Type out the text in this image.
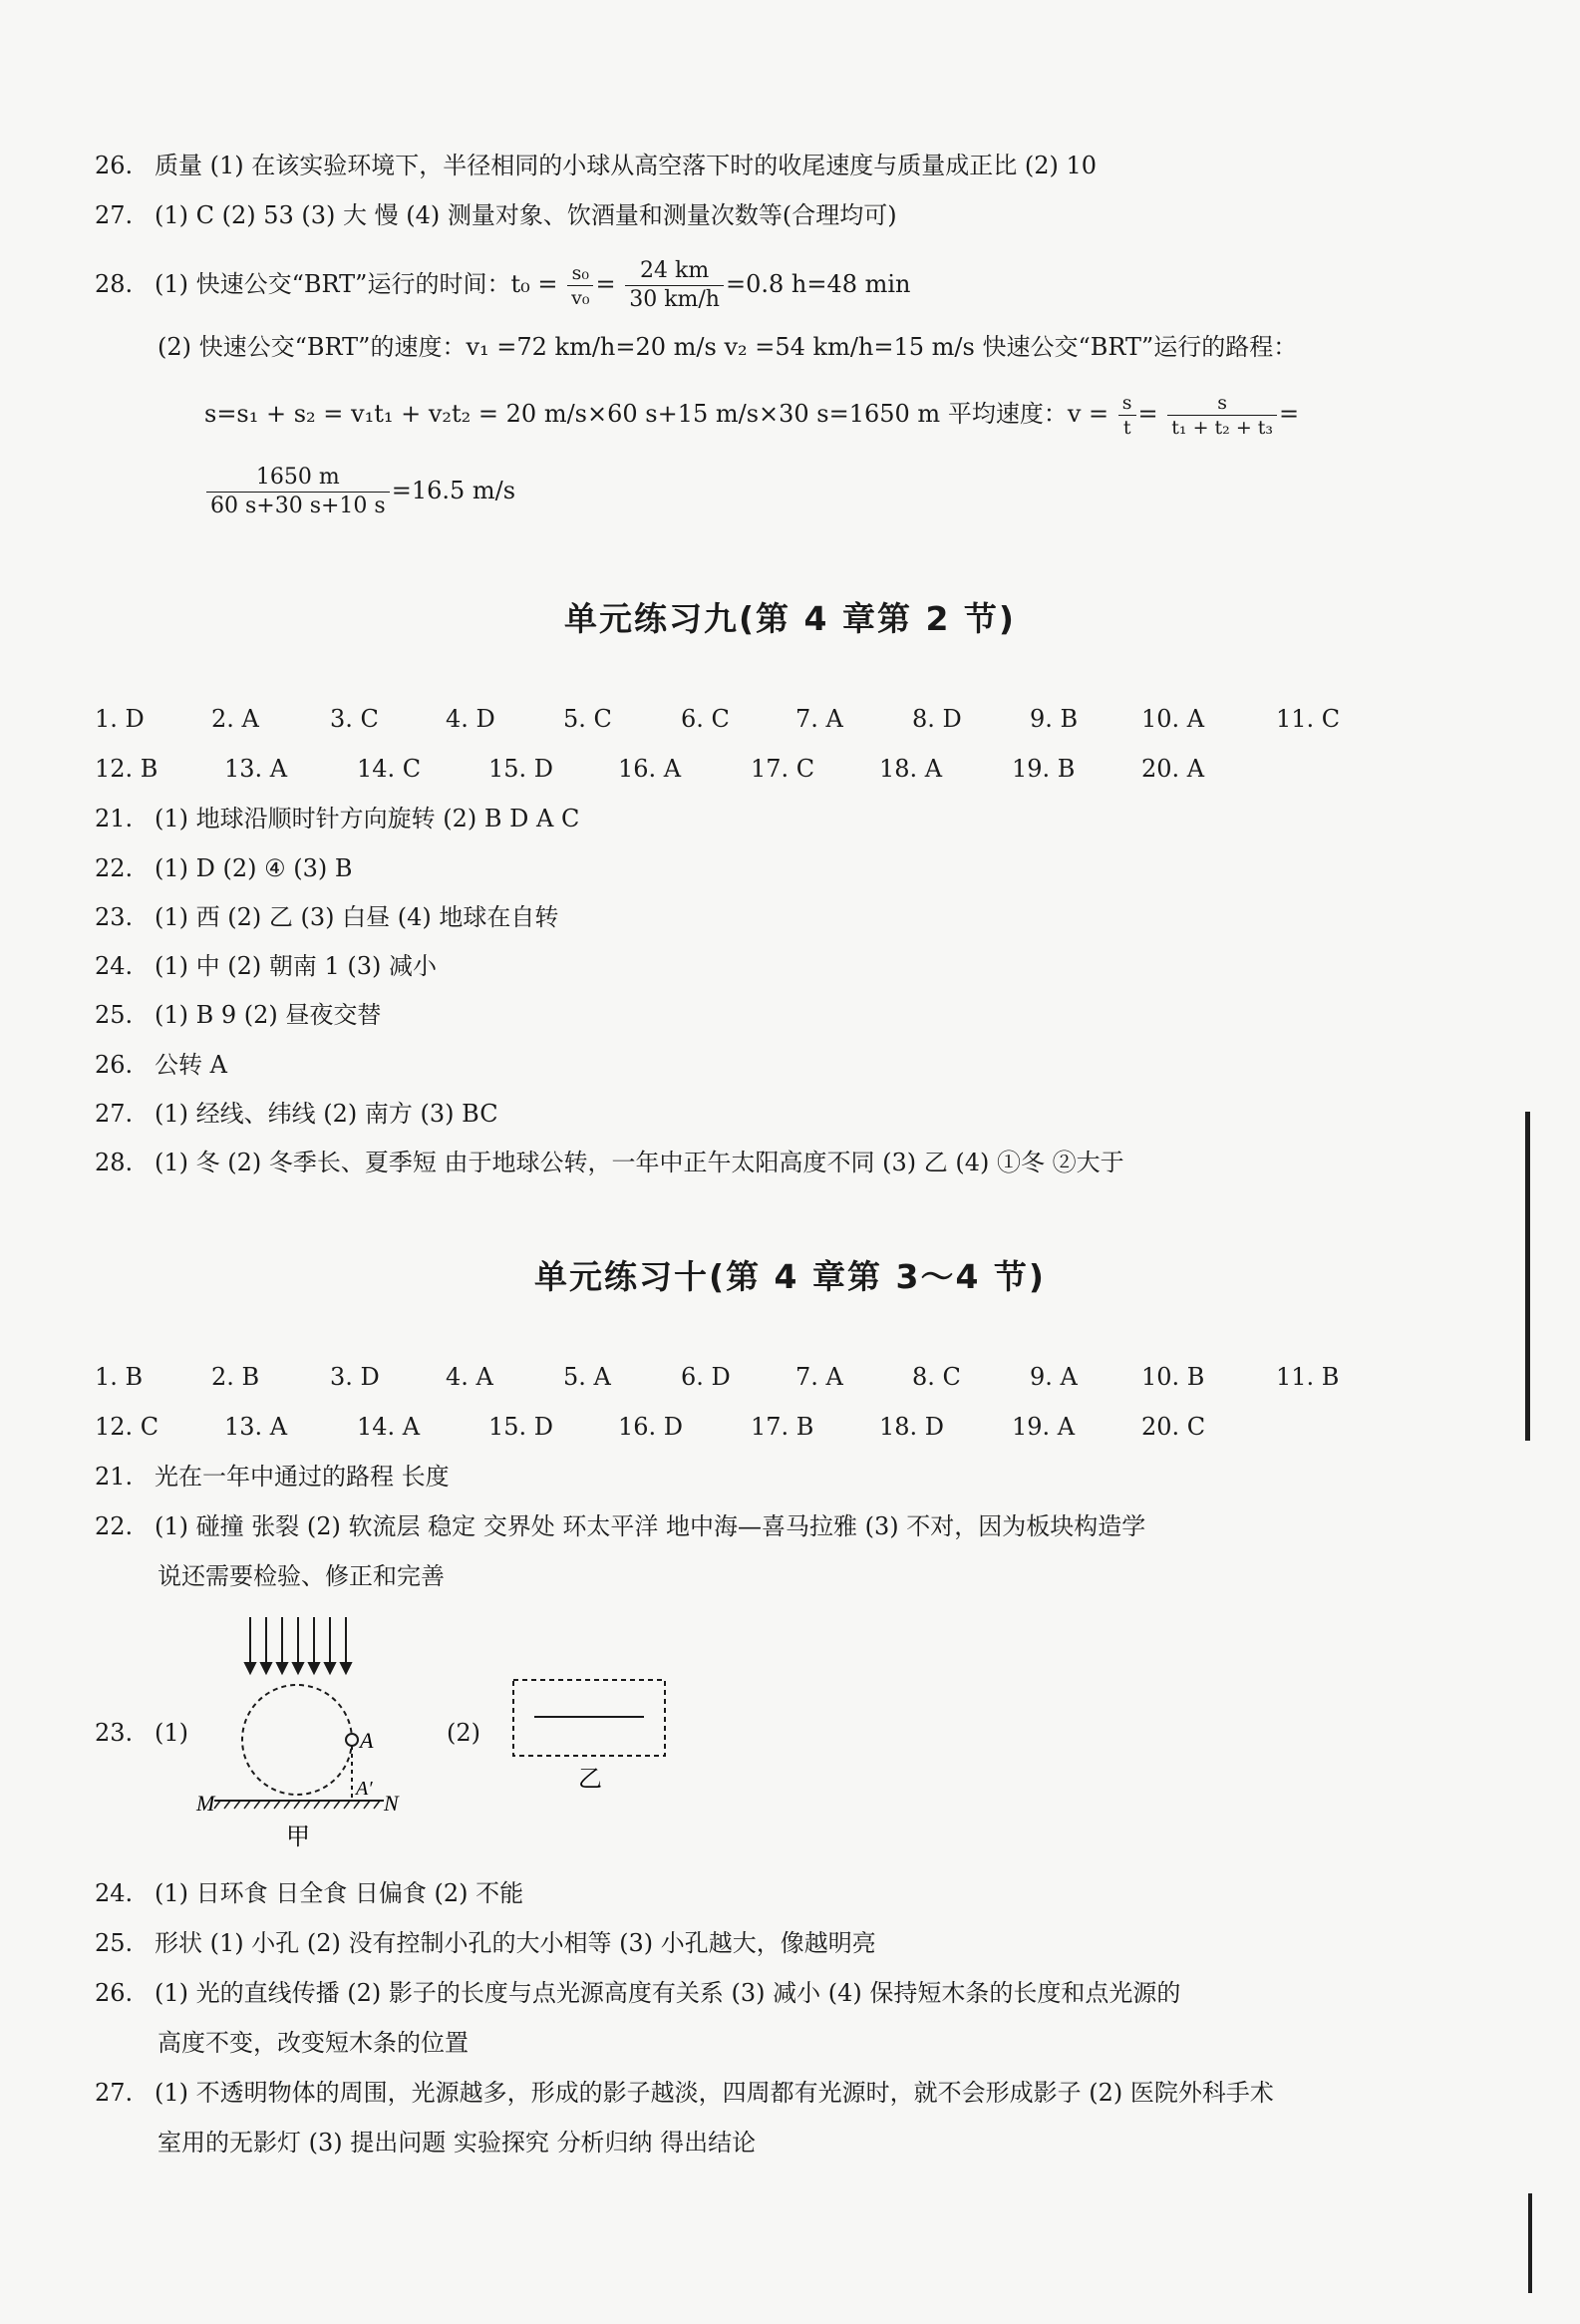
26. 质量 (1) 在该实验环境下，半径相同的小球从高空落下时的收尾速度与质量成正比 (2) 10
27. (1) C (2) 53 (3) 大 慢 (4) 测量对象、饮酒量和测量次数等(合理均可)
28. (1) 快速公交“BRT”运行的时间：$t_0 = \frac{\text{s₀}}{\text{v₀}} = \frac{24 km}{30 km/h} =0.8$ h=48 min
(2) 快速公交“BRT”的速度：v₁ =72 km/h=20 m/s v₂ =54 km/h=15 m/s 快速公交“BRT”运行的路程：
s=s₁ + s₂ = v₁t₁ + v₂t₂ = 20 m/s×60 s+15 m/s×30 s=1650 m 平均速度：$v = \frac{s}{t} = \frac{s}{\text{t₁ + t₂ + t₃}}$ =
$\frac{1650 m}{60 s+30 s+10 s} =16.5$ m/s
单元练习九(第 4 章第 2 节)
1. D	2. A	3. C	4. D	5. C	6. C	7. A	8. D	9. B	10. A	11. C
12. B	13. A	14. C	15. D	16. A	17. C	18. A	19. B	20. A
21. (1) 地球沿顺时针方向旋转 (2) B D A C
22. (1) D (2) ④ (3) B
23. (1) 西 (2) 乙 (3) 白昼 (4) 地球在自转
24. (1) 中 (2) 朝南 1 (3) 减小
25. (1) B 9 (2) 昼夜交替
26. 公转 A
27. (1) 经线、纬线 (2) 南方 (3) BC
28. (1) 冬 (2) 冬季长、夏季短 由于地球公转，一年中正午太阳高度不同 (3) 乙 (4) ①冬 ②大于
单元练习十(第 4 章第 3～4 节)
1. B	2. B	3. D	4. A	5. A	6. D	7. A	8. C	9. A	10. B	11. B
12. C	13. A	14. A	15. D	16. D	17. B	18. D	19. A	20. C
21. 光在一年中通过的路程 长度
22. (1) 碰撞 张裂 (2) 软流层 稳定 交界处 环太平洋 地中海—喜马拉雅 (3) 不对，因为板块构造学
说还需要检验、修正和完善
23. (1)	(2)
A
A′
M	N
甲
乙
24. (1) 日环食 日全食 日偏食 (2) 不能
25. 形状 (1) 小孔 (2) 没有控制小孔的大小相等 (3) 小孔越大，像越明亮
26. (1) 光的直线传播 (2) 影子的长度与点光源高度有关系 (3) 减小 (4) 保持短木条的长度和点光源的
高度不变，改变短木条的位置
27. (1) 不透明物体的周围，光源越多，形成的影子越淡，四周都有光源时，就不会形成影子 (2) 医院外科手术
室用的无影灯 (3) 提出问题 实验探究 分析归纳 得出结论
